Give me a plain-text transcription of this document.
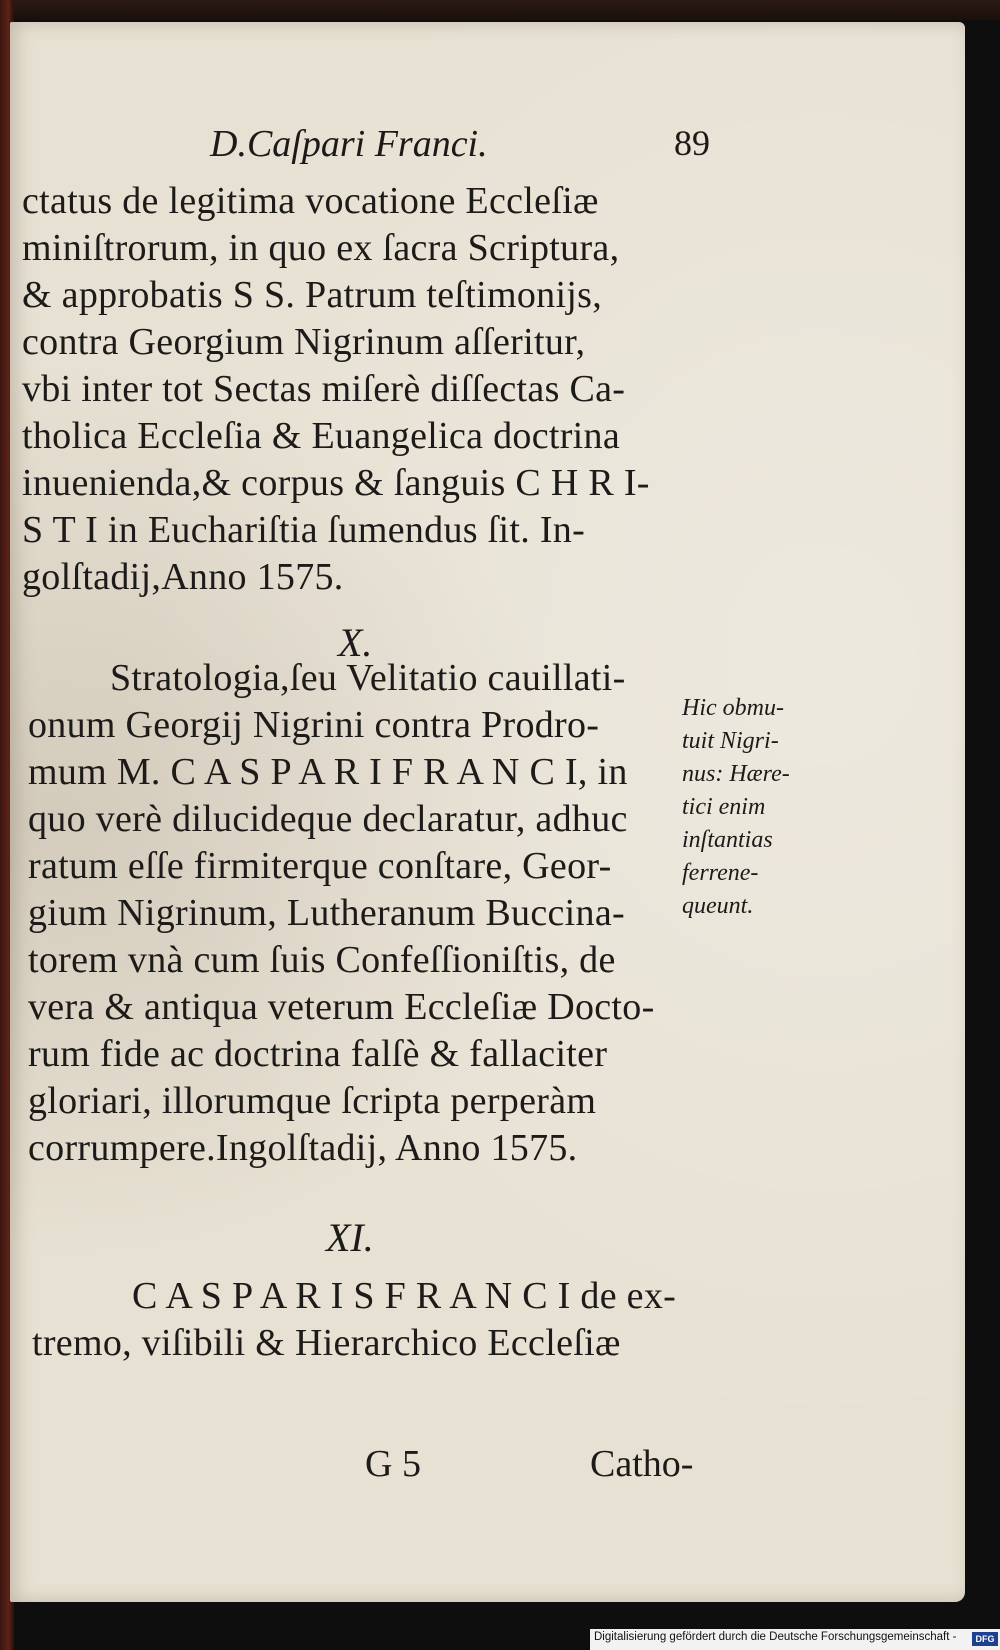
D.Caſpari Franci.	89
ctatus de legitima vocatione Eccleſiæ
miniſtrorum, in quo ex ſacra Scriptura,
& approbatis S S. Patrum teſtimonijs,
contra Georgium Nigrinum aſſeritur,
vbi inter tot Sectas miſerè diſſectas Ca-
tholica Eccleſia & Euangelica doctrina
inuenienda,& corpus & ſanguis C H R I-
S T I in Euchariſtia ſumendus ſit. In-
golſtadij,Anno 1575.
X.
Stratologia,ſeu Velitatio cauillati-
onum Georgij Nigrini contra Prodro-
mum M. C A S P A R I F R A N C I, in
quo verè dilucideque declaratur, adhuc
ratum eſſe firmiterque conſtare, Geor-
gium Nigrinum, Lutheranum Buccina-
torem vnà cum ſuis Confeſſioniſtis, de
vera & antiqua veterum Eccleſiæ Docto-
rum fide ac doctrina falſè & fallaciter
gloriari, illorumque ſcripta perperàm
corrumpere.Ingolſtadij, Anno 1575.
Hic obmu-
tuit Nigri-
nus: Hære-
tici enim
inſtantias
ferrene-
queunt.
XI.
C A S P A R I S F R A N C I de ex-
tremo, viſibili & Hierarchico Eccleſiæ
G 5	Catho-
Digitalisierung gefördert durch die Deutsche Forschungsgemeinschaft -	DFG
